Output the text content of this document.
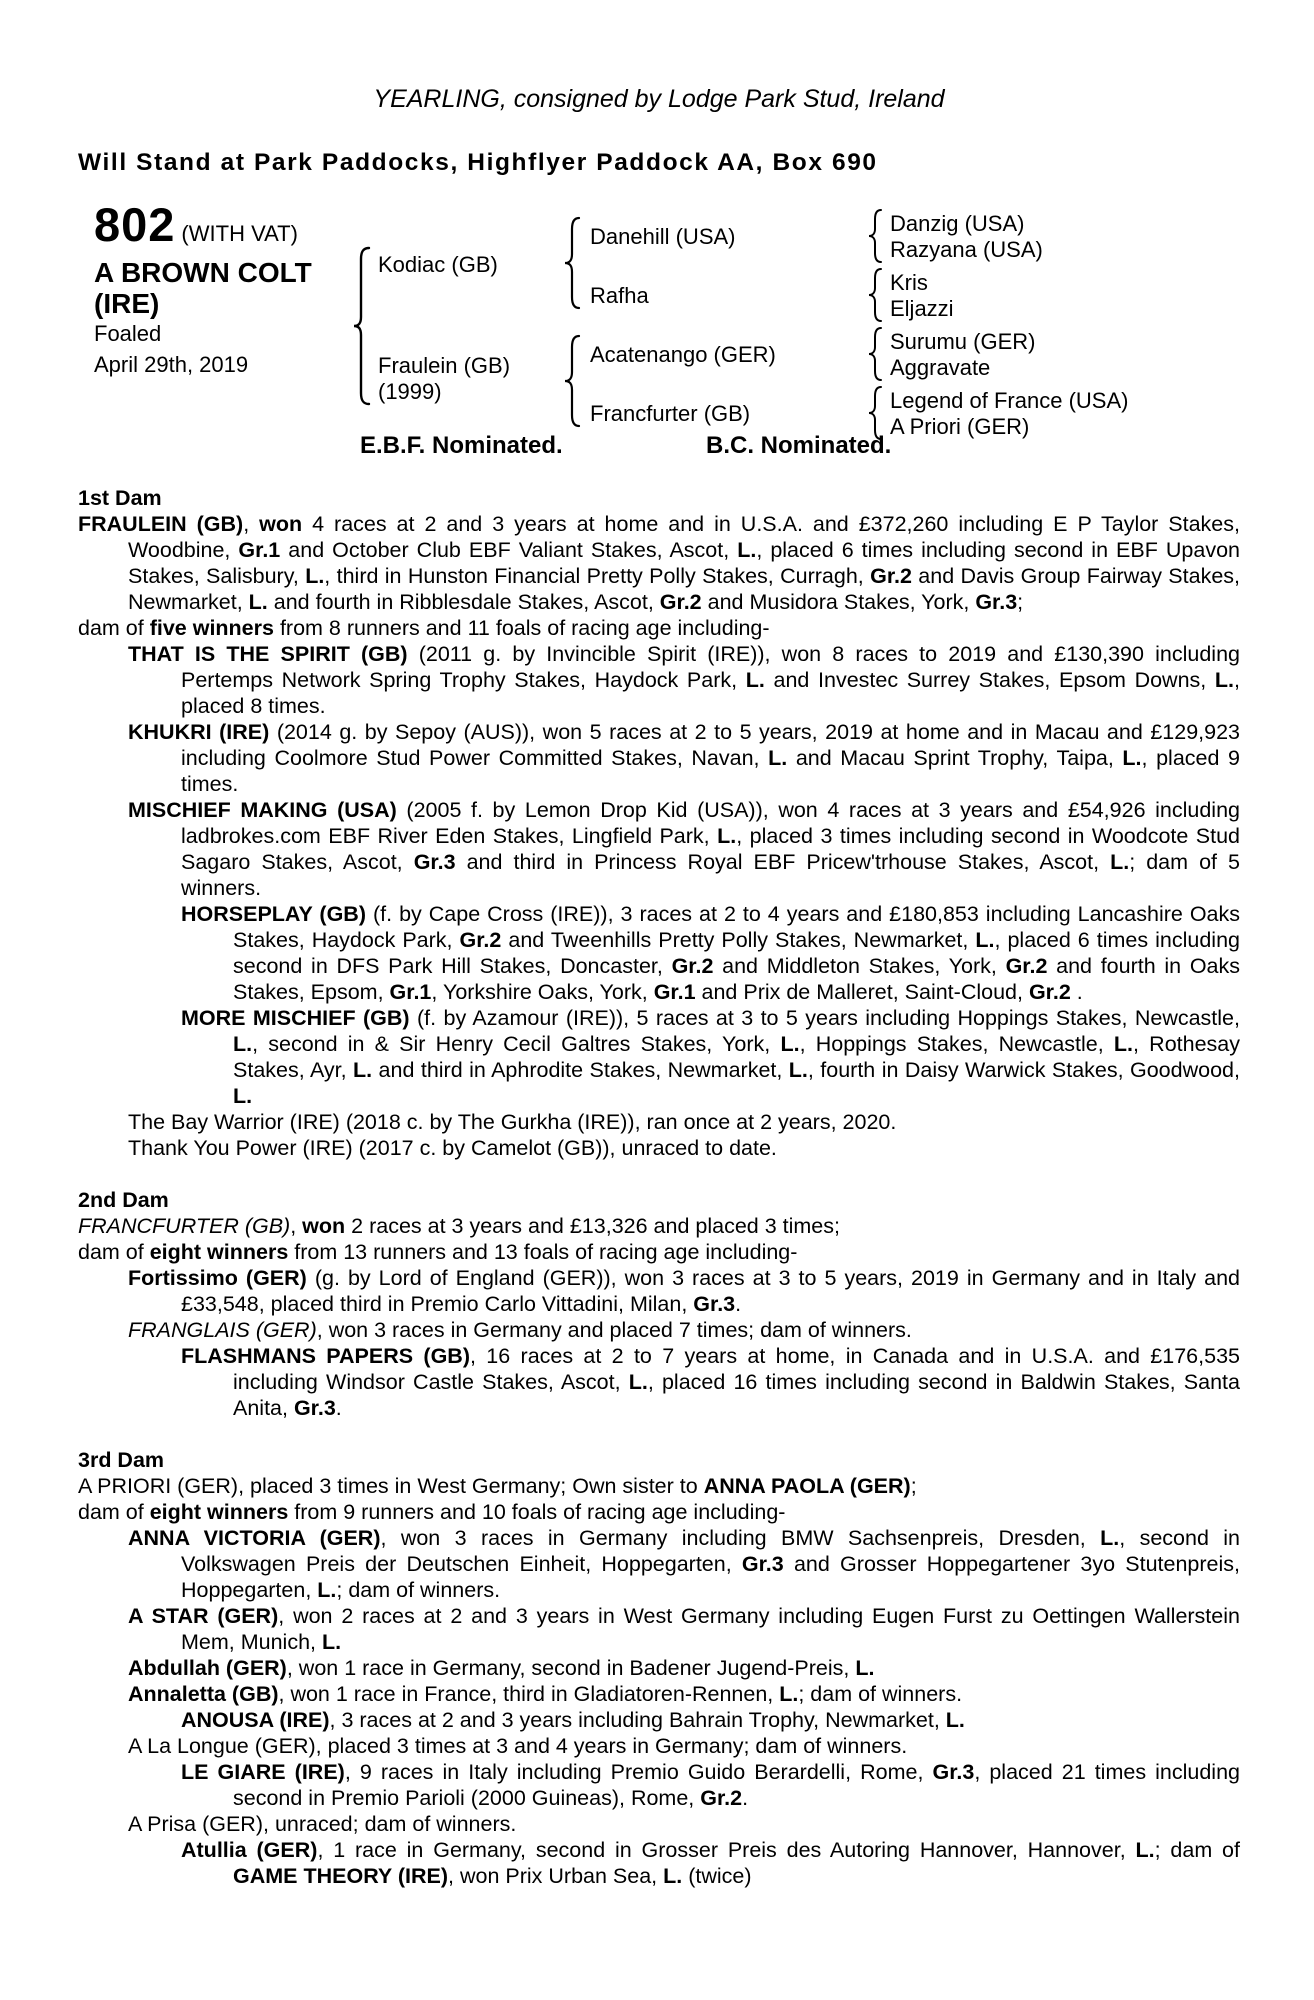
YEARLING, consigned by Lodge Park Stud, Ireland
Will Stand at Park Paddocks, Highflyer Paddock AA, Box 690
802 (WITH VAT)
A BROWN COLT
(IRE)
Foaled
April 29th, 2019
Kodiac (GB)
Fraulein (GB)
(1999)
Danehill (USA)
Rafha
Acatenango (GER)
Francfurter (GB)
Danzig (USA)
Razyana (USA)
Kris
Eljazzi
Surumu (GER)
Aggravate
Legend of France (USA)
A Priori (GER)
E.B.F. Nominated.	B.C. Nominated.
1st Dam

FRAULEIN (GB), won 4 races at 2 and 3 years at home and in U.S.A. and £372,260 including E P Taylor Stakes, Woodbine, Gr.1 and October Club EBF Valiant Stakes, Ascot, L., placed 6 times including second in EBF Upavon Stakes, Salisbury, L., third in Hunston Financial Pretty Polly Stakes, Curragh, Gr.2 and Davis Group Fairway Stakes, Newmarket, L. and fourth in Ribblesdale Stakes, Ascot, Gr.2 and Musidora Stakes, York, Gr.3;

dam of five winners from 8 runners and 11 foals of racing age including-

THAT IS THE SPIRIT (GB) (2011 g. by Invincible Spirit (IRE)), won 8 races to 2019 and £130,390 including Pertemps Network Spring Trophy Stakes, Haydock Park, L. and Investec Surrey Stakes, Epsom Downs, L., placed 8 times.

KHUKRI (IRE) (2014 g. by Sepoy (AUS)), won 5 races at 2 to 5 years, 2019 at home and in Macau and £129,923 including Coolmore Stud Power Committed Stakes, Navan, L. and Macau Sprint Trophy, Taipa, L., placed 9 times.

MISCHIEF MAKING (USA) (2005 f. by Lemon Drop Kid (USA)), won 4 races at 3 years and £54,926 including ladbrokes.com EBF River Eden Stakes, Lingfield Park, L., placed 3 times including second in Woodcote Stud Sagaro Stakes, Ascot, Gr.3 and third in Princess Royal EBF Pricew'trhouse Stakes, Ascot, L.; dam of 5 winners.

HORSEPLAY (GB) (f. by Cape Cross (IRE)), 3 races at 2 to 4 years and £180,853 including Lancashire Oaks Stakes, Haydock Park, Gr.2 and Tweenhills Pretty Polly Stakes, Newmarket, L., placed 6 times including second in DFS Park Hill Stakes, Doncaster, Gr.2 and Middleton Stakes, York, Gr.2 and fourth in Oaks Stakes, Epsom, Gr.1, Yorkshire Oaks, York, Gr.1 and Prix de Malleret, Saint-Cloud, Gr.2 .

MORE MISCHIEF (GB) (f. by Azamour (IRE)), 5 races at 3 to 5 years including Hoppings Stakes, Newcastle, L., second in & Sir Henry Cecil Galtres Stakes, York, L., Hoppings Stakes, Newcastle, L., Rothesay Stakes, Ayr, L. and third in Aphrodite Stakes, Newmarket, L., fourth in Daisy Warwick Stakes, Goodwood, L.

The Bay Warrior (IRE) (2018 c. by The Gurkha (IRE)), ran once at 2 years, 2020.

Thank You Power (IRE) (2017 c. by Camelot (GB)), unraced to date.

2nd Dam

FRANCFURTER (GB), won 2 races at 3 years and £13,326 and placed 3 times;

dam of eight winners from 13 runners and 13 foals of racing age including-

Fortissimo (GER) (g. by Lord of England (GER)), won 3 races at 3 to 5 years, 2019 in Germany and in Italy and £33,548, placed third in Premio Carlo Vittadini, Milan, Gr.3.

FRANGLAIS (GER), won 3 races in Germany and placed 7 times; dam of winners.

FLASHMANS PAPERS (GB), 16 races at 2 to 7 years at home, in Canada and in U.S.A. and £176,535 including Windsor Castle Stakes, Ascot, L., placed 16 times including second in Baldwin Stakes, Santa Anita, Gr.3.

3rd Dam

A PRIORI (GER), placed 3 times in West Germany; Own sister to ANNA PAOLA (GER);

dam of eight winners from 9 runners and 10 foals of racing age including-

ANNA VICTORIA (GER), won 3 races in Germany including BMW Sachsenpreis, Dresden, L., second in Volkswagen Preis der Deutschen Einheit, Hoppegarten, Gr.3 and Grosser Hoppegartener 3yo Stutenpreis, Hoppegarten, L.; dam of winners.

A STAR (GER), won 2 races at 2 and 3 years in West Germany including Eugen Furst zu Oettingen Wallerstein Mem, Munich, L.

Abdullah (GER), won 1 race in Germany, second in Badener Jugend-Preis, L.

Annaletta (GB), won 1 race in France, third in Gladiatoren-Rennen, L.; dam of winners.

ANOUSA (IRE), 3 races at 2 and 3 years including Bahrain Trophy, Newmarket, L.

A La Longue (GER), placed 3 times at 3 and 4 years in Germany; dam of winners.

LE GIARE (IRE), 9 races in Italy including Premio Guido Berardelli, Rome, Gr.3, placed 21 times including second in Premio Parioli (2000 Guineas), Rome, Gr.2.

A Prisa (GER), unraced; dam of winners.

Atullia (GER), 1 race in Germany, second in Grosser Preis des Autoring Hannover, Hannover, L.; dam of GAME THEORY (IRE), won Prix Urban Sea, L. (twice)
